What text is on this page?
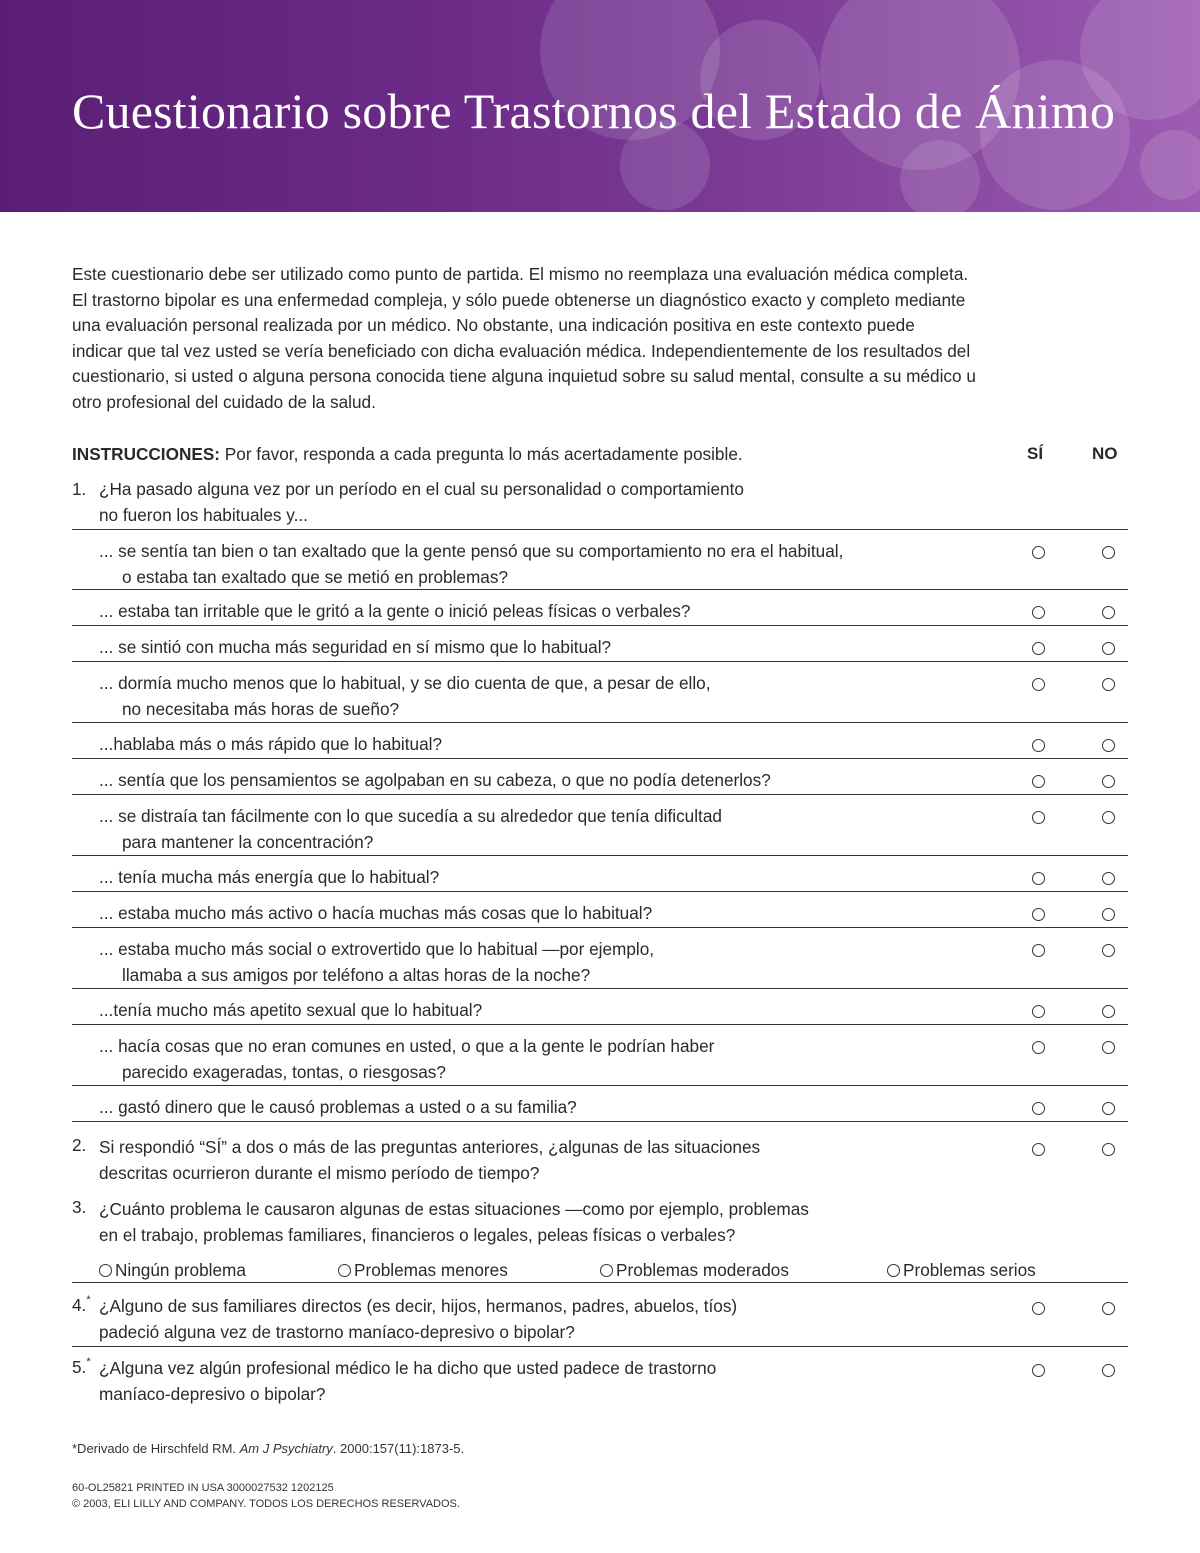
Cuestionario sobre Trastornos del Estado de Ánimo

Este cuestionario debe ser utilizado como punto de partida. El mismo no reemplaza una evaluación médica completa.

El trastorno bipolar es una enfermedad compleja, y sólo puede obtenerse un diagnóstico exacto y completo mediante

una evaluación personal realizada por un médico. No obstante, una indicación positiva en este contexto puede

indicar que tal vez usted se vería beneficiado con dicha evaluación médica. Independientemente de los resultados del

cuestionario, si usted o alguna persona conocida tiene alguna inquietud sobre su salud mental, consulte a su médico u

otro profesional del cuidado de la salud.

INSTRUCCIONES: Por favor, responda a cada pregunta lo más acertadamente posible.	SÍ	NO
1. ¿Ha pasado alguna vez por un período en el cual su personalidad o comportamiento
no fueron los habituales y...
... se sentía tan bien o tan exaltado que la gente pensó que su comportamiento no era el habitual,
o estaba tan exaltado que se metió en problemas?
... estaba tan irritable que le gritó a la gente o inició peleas físicas o verbales?
... se sintió con mucha más seguridad en sí mismo que lo habitual?
... dormía mucho menos que lo habitual, y se dio cuenta de que, a pesar de ello,
no necesitaba más horas de sueño?
...hablaba más o más rápido que lo habitual?
... sentía que los pensamientos se agolpaban en su cabeza, o que no podía detenerlos?
... se distraía tan fácilmente con lo que sucedía a su alrededor que tenía dificultad
para mantener la concentración?
... tenía mucha más energía que lo habitual?
... estaba mucho más activo o hacía muchas más cosas que lo habitual?
... estaba mucho más social o extrovertido que lo habitual —por ejemplo,
llamaba a sus amigos por teléfono a altas horas de la noche?
...tenía mucho más apetito sexual que lo habitual?
... hacía cosas que no eran comunes en usted, o que a la gente le podrían haber
parecido exageradas, tontas, o riesgosas?
... gastó dinero que le causó problemas a usted o a su familia?
2. Si respondió “SÍ” a dos o más de las preguntas anteriores, ¿algunas de las situaciones
descritas ocurrieron durante el mismo período de tiempo?
3. ¿Cuánto problema le causaron algunas de estas situaciones —como por ejemplo, problemas
en el trabajo, problemas familiares, financieros o legales, peleas físicas o verbales?
Ningún problema	Problemas menores	Problemas moderados	Problemas serios
4.* ¿Alguno de sus familiares directos (es decir, hijos, hermanos, padres, abuelos, tíos)
padeció alguna vez de trastorno maníaco-depresivo o bipolar?
5.* ¿Alguna vez algún profesional médico le ha dicho que usted padece de trastorno
maníaco-depresivo o bipolar?
*Derivado de Hirschfeld RM. Am J Psychiatry. 2000:157(11):1873-5.
60-OL25821 PRINTED IN USA 3000027532 1202125
© 2003, ELI LILLY AND COMPANY. TODOS LOS DERECHOS RESERVADOS.
